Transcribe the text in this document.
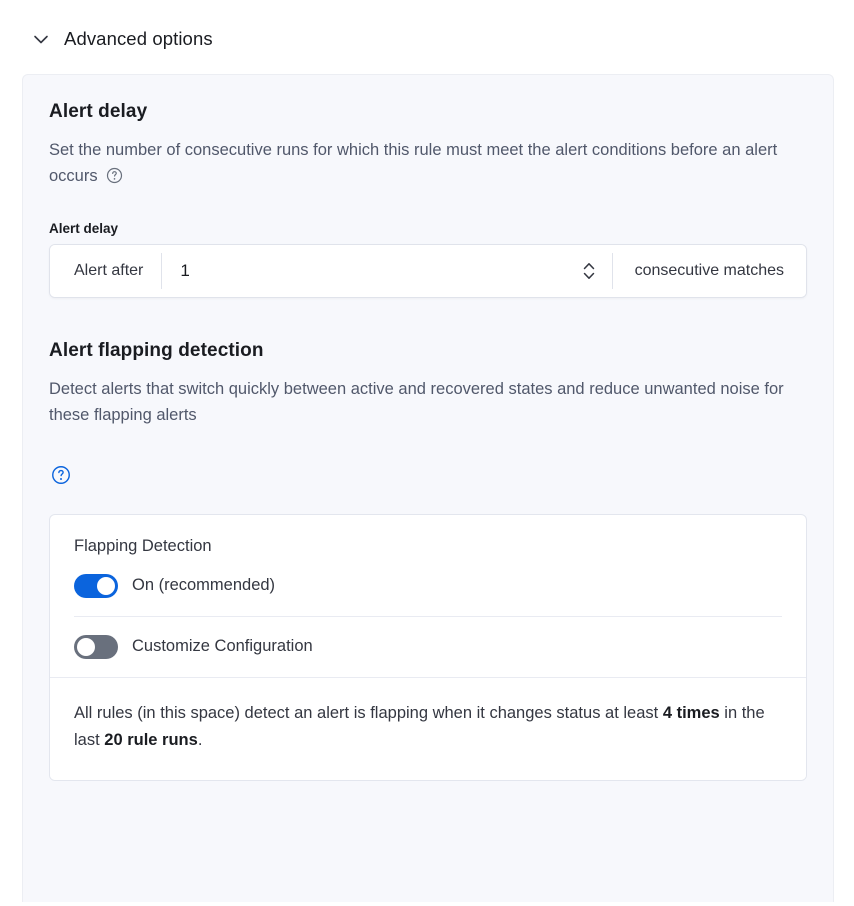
Advanced options
Alert delay

Set the number of consecutive runs for which this rule must meet the alert conditions before an alert occurs

Alert delay
Alert after
1	consecutive matches
Alert flapping detection

Detect alerts that switch quickly between active and recovered states and reduce unwanted noise for these flapping alerts

Flapping Detection
On (recommended)
Customize Configuration

All rules (in this space) detect an alert is flapping when it changes status at least 4 times in the last 20 rule runs.
